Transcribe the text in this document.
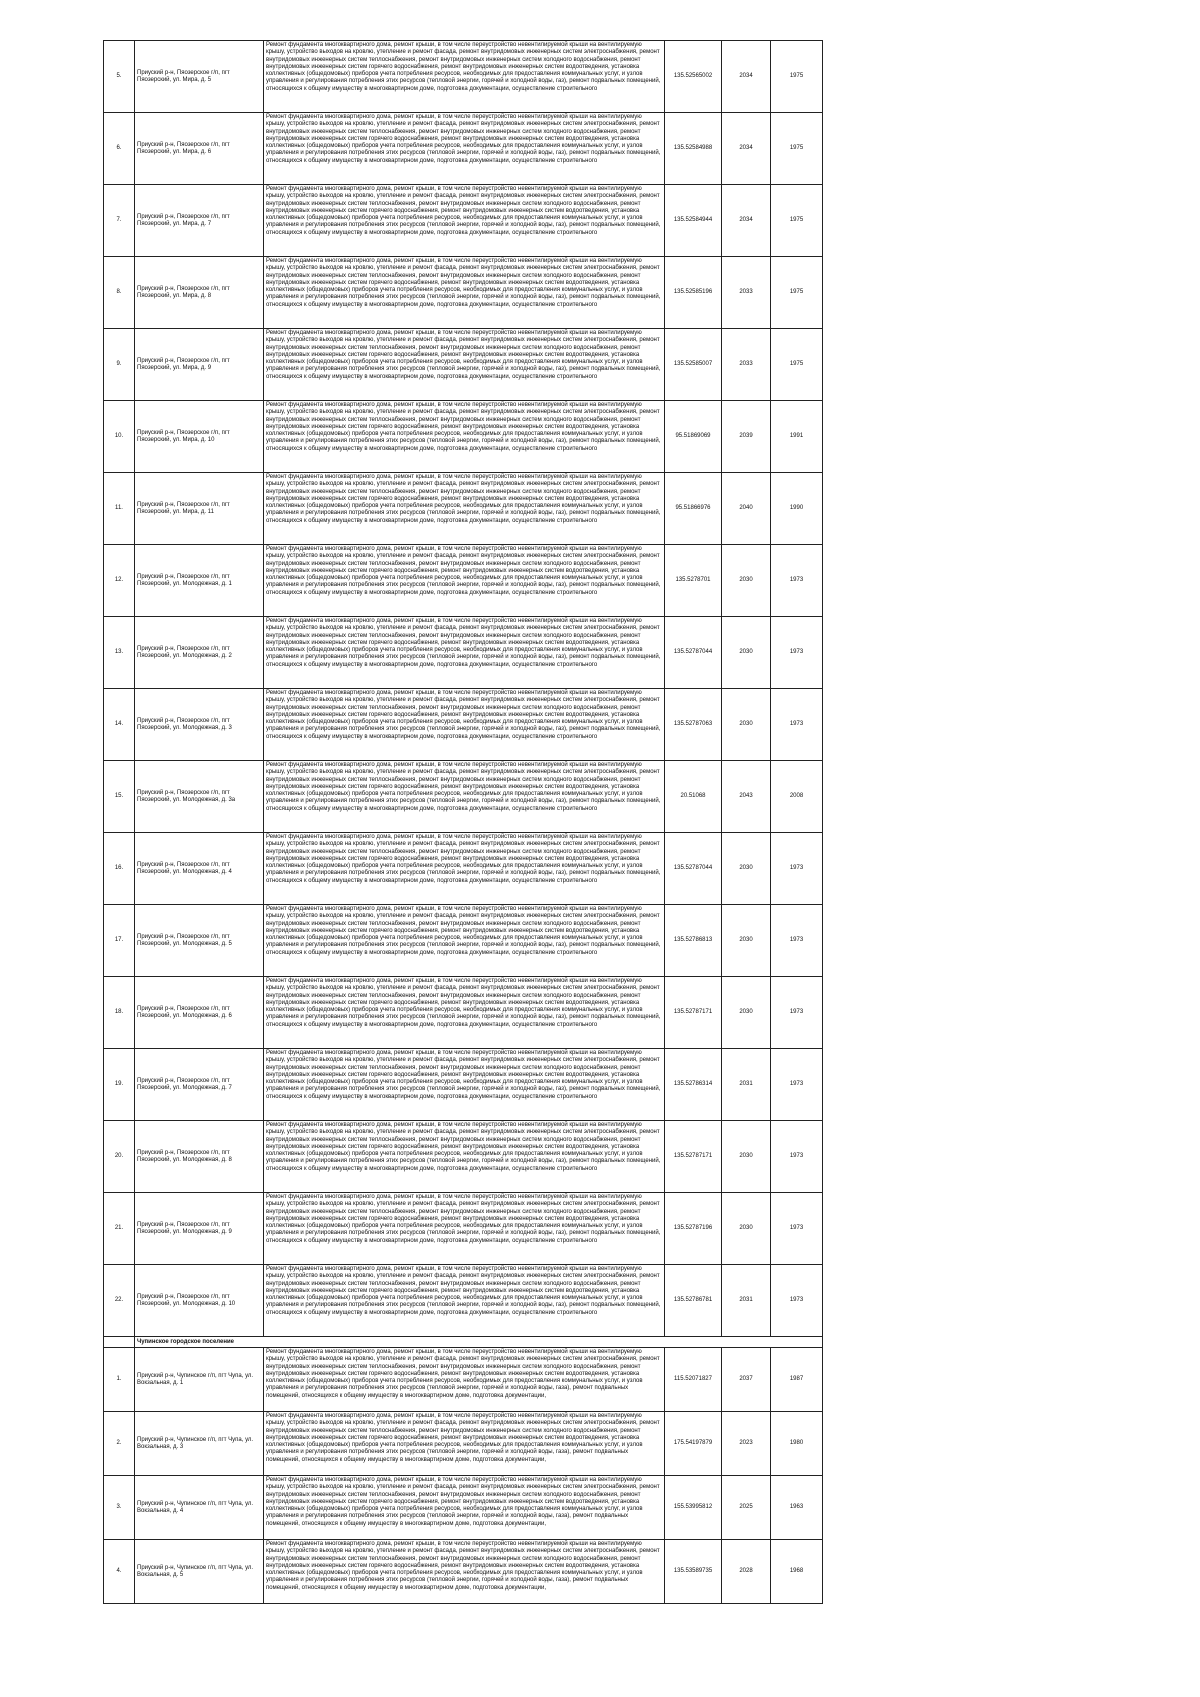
5.	Приуский р-н, Пяозерское г/п, пгт Пяозерский, ул. Мира, д. 5	Ремонт фундамента многоквартирного дома, ремонт крыши, в том числе переустройство невентилируемой крыши на вентилируемую крышу, устройство выходов на кровлю, утепление и ремонт фасада, ремонт внутридомовых инженерных систем электроснабжения, ремонт внутридомовых инженерных систем теплоснабжения, ремонт внутридомовых инженерных систем холодного водоснабжения, ремонт внутридомовых инженерных систем горячего водоснабжения, ремонт внутридомовых инженерных систем водоотведения, установка коллективных (общедомовых) приборов учета потребления ресурсов, необходимых для предоставления коммунальных услуг, и узлов управления и регулирования потребления этих ресурсов (тепловой энергии, горячей и холодной воды, газ), ремонт подвальных помещений, относящихся к общему имуществу в многоквартирном доме, подготовка документации, осуществление строительного	135.52565002	2034	1975
6.	Приуский р-н, Пяозерское г/п, пгт Пяозерский, ул. Мира, д. 6	Ремонт фундамента многоквартирного дома, ремонт крыши, в том числе переустройство невентилируемой крыши на вентилируемую крышу, устройство выходов на кровлю, утепление и ремонт фасада, ремонт внутридомовых инженерных систем электроснабжения, ремонт внутридомовых инженерных систем теплоснабжения, ремонт внутридомовых инженерных систем холодного водоснабжения, ремонт внутридомовых инженерных систем горячего водоснабжения, ремонт внутридомовых инженерных систем водоотведения, установка коллективных (общедомовых) приборов учета потребления ресурсов, необходимых для предоставления коммунальных услуг, и узлов управления и регулирования потребления этих ресурсов (тепловой энергии, горячей и холодной воды, газ), ремонт подвальных помещений, относящихся к общему имуществу в многоквартирном доме, подготовка документации, осуществление строительного	135.52584988	2034	1975
7.	Приуский р-н, Пяозерское г/п, пгт Пяозерский, ул. Мира, д. 7	Ремонт фундамента многоквартирного дома, ремонт крыши, в том числе переустройство невентилируемой крыши на вентилируемую крышу, устройство выходов на кровлю, утепление и ремонт фасада, ремонт внутридомовых инженерных систем электроснабжения, ремонт внутридомовых инженерных систем теплоснабжения, ремонт внутридомовых инженерных систем холодного водоснабжения, ремонт внутридомовых инженерных систем горячего водоснабжения, ремонт внутридомовых инженерных систем водоотведения, установка коллективных (общедомовых) приборов учета потребления ресурсов, необходимых для предоставления коммунальных услуг, и узлов управления и регулирования потребления этих ресурсов (тепловой энергии, горячей и холодной воды, газ), ремонт подвальных помещений, относящихся к общему имуществу в многоквартирном доме, подготовка документации, осуществление строительного	135.52584944	2034	1975
8.	Приуский р-н, Пяозерское г/п, пгт Пяозерский, ул. Мира, д. 8	Ремонт фундамента многоквартирного дома, ремонт крыши, в том числе переустройство невентилируемой крыши на вентилируемую крышу, устройство выходов на кровлю, утепление и ремонт фасада, ремонт внутридомовых инженерных систем электроснабжения, ремонт внутридомовых инженерных систем теплоснабжения, ремонт внутридомовых инженерных систем холодного водоснабжения, ремонт внутридомовых инженерных систем горячего водоснабжения, ремонт внутридомовых инженерных систем водоотведения, установка коллективных (общедомовых) приборов учета потребления ресурсов, необходимых для предоставления коммунальных услуг, и узлов управления и регулирования потребления этих ресурсов (тепловой энергии, горячей и холодной воды, газ), ремонт подвальных помещений, относящихся к общему имуществу в многоквартирном доме, подготовка документации, осуществление строительного	135.52585196	2033	1975
9.	Приуский р-н, Пяозерское г/п, пгт Пяозерский, ул. Мира, д. 9	Ремонт фундамента многоквартирного дома, ремонт крыши, в том числе переустройство невентилируемой крыши на вентилируемую крышу, устройство выходов на кровлю, утепление и ремонт фасада, ремонт внутридомовых инженерных систем электроснабжения, ремонт внутридомовых инженерных систем теплоснабжения, ремонт внутридомовых инженерных систем холодного водоснабжения, ремонт внутридомовых инженерных систем горячего водоснабжения, ремонт внутридомовых инженерных систем водоотведения, установка коллективных (общедомовых) приборов учета потребления ресурсов, необходимых для предоставления коммунальных услуг, и узлов управления и регулирования потребления этих ресурсов (тепловой энергии, горячей и холодной воды, газ), ремонт подвальных помещений, относящихся к общему имуществу в многоквартирном доме, подготовка документации, осуществление строительного	135.52585007	2033	1975
10.	Приуский р-н, Пяозерское г/п, пгт Пяозерский, ул. Мира, д. 10	Ремонт фундамента многоквартирного дома, ремонт крыши, в том числе переустройство невентилируемой крыши на вентилируемую крышу, устройство выходов на кровлю, утепление и ремонт фасада, ремонт внутридомовых инженерных систем электроснабжения, ремонт внутридомовых инженерных систем теплоснабжения, ремонт внутридомовых инженерных систем холодного водоснабжения, ремонт внутридомовых инженерных систем горячего водоснабжения, ремонт внутридомовых инженерных систем водоотведения, установка коллективных (общедомовых) приборов учета потребления ресурсов, необходимых для предоставления коммунальных услуг, и узлов управления и регулирования потребления этих ресурсов (тепловой энергии, горячей и холодной воды, газ), ремонт подвальных помещений, относящихся к общему имуществу в многоквартирном доме, подготовка документации, осуществление строительного	95.51869069	2039	1991
11.	Приуский р-н, Пяозерское г/п, пгт Пяозерский, ул. Мира, д. 11	Ремонт фундамента многоквартирного дома, ремонт крыши, в том числе переустройство невентилируемой крыши на вентилируемую крышу, устройство выходов на кровлю, утепление и ремонт фасада, ремонт внутридомовых инженерных систем электроснабжения, ремонт внутридомовых инженерных систем теплоснабжения, ремонт внутридомовых инженерных систем холодного водоснабжения, ремонт внутридомовых инженерных систем горячего водоснабжения, ремонт внутридомовых инженерных систем водоотведения, установка коллективных (общедомовых) приборов учета потребления ресурсов, необходимых для предоставления коммунальных услуг, и узлов управления и регулирования потребления этих ресурсов (тепловой энергии, горячей и холодной воды, газ), ремонт подвальных помещений, относящихся к общему имуществу в многоквартирном доме, подготовка документации, осуществление строительного	95.51866976	2040	1990
12.	Приуский р-н, Пяозерское г/п, пгт Пяозерский, ул. Молодежная, д. 1	Ремонт фундамента многоквартирного дома, ремонт крыши, в том числе переустройство невентилируемой крыши на вентилируемую крышу, устройство выходов на кровлю, утепление и ремонт фасада, ремонт внутридомовых инженерных систем электроснабжения, ремонт внутридомовых инженерных систем теплоснабжения, ремонт внутридомовых инженерных систем холодного водоснабжения, ремонт внутридомовых инженерных систем горячего водоснабжения, ремонт внутридомовых инженерных систем водоотведения, установка коллективных (общедомовых) приборов учета потребления ресурсов, необходимых для предоставления коммунальных услуг, и узлов управления и регулирования потребления этих ресурсов (тепловой энергии, горячей и холодной воды, газ), ремонт подвальных помещений, относящихся к общему имуществу в многоквартирном доме, подготовка документации, осуществление строительного	135.5278701	2030	1973
13.	Приуский р-н, Пяозерское г/п, пгт Пяозерский, ул. Молодежная, д. 2	Ремонт фундамента многоквартирного дома, ремонт крыши, в том числе переустройство невентилируемой крыши на вентилируемую крышу, устройство выходов на кровлю, утепление и ремонт фасада, ремонт внутридомовых инженерных систем электроснабжения, ремонт внутридомовых инженерных систем теплоснабжения, ремонт внутридомовых инженерных систем холодного водоснабжения, ремонт внутридомовых инженерных систем горячего водоснабжения, ремонт внутридомовых инженерных систем водоотведения, установка коллективных (общедомовых) приборов учета потребления ресурсов, необходимых для предоставления коммунальных услуг, и узлов управления и регулирования потребления этих ресурсов (тепловой энергии, горячей и холодной воды, газ), ремонт подвальных помещений, относящихся к общему имуществу в многоквартирном доме, подготовка документации, осуществление строительного	135.52787044	2030	1973
14.	Приуский р-н, Пяозерское г/п, пгт Пяозерский, ул. Молодежная, д. 3	Ремонт фундамента многоквартирного дома, ремонт крыши, в том числе переустройство невентилируемой крыши на вентилируемую крышу, устройство выходов на кровлю, утепление и ремонт фасада, ремонт внутридомовых инженерных систем электроснабжения, ремонт внутридомовых инженерных систем теплоснабжения, ремонт внутридомовых инженерных систем холодного водоснабжения, ремонт внутридомовых инженерных систем горячего водоснабжения, ремонт внутридомовых инженерных систем водоотведения, установка коллективных (общедомовых) приборов учета потребления ресурсов, необходимых для предоставления коммунальных услуг, и узлов управления и регулирования потребления этих ресурсов (тепловой энергии, горячей и холодной воды, газ), ремонт подвальных помещений, относящихся к общему имуществу в многоквартирном доме, подготовка документации, осуществление строительного	135.52787063	2030	1973
15.	Приуский р-н, Пяозерское г/п, пгт Пяозерский, ул. Молодежная, д. 3а	Ремонт фундамента многоквартирного дома, ремонт крыши, в том числе переустройство невентилируемой крыши на вентилируемую крышу, устройство выходов на кровлю, утепление и ремонт фасада, ремонт внутридомовых инженерных систем электроснабжения, ремонт внутридомовых инженерных систем теплоснабжения, ремонт внутридомовых инженерных систем холодного водоснабжения, ремонт внутридомовых инженерных систем горячего водоснабжения, ремонт внутридомовых инженерных систем водоотведения, установка коллективных (общедомовых) приборов учета потребления ресурсов, необходимых для предоставления коммунальных услуг, и узлов управления и регулирования потребления этих ресурсов (тепловой энергии, горячей и холодной воды, газ), ремонт подвальных помещений, относящихся к общему имуществу в многоквартирном доме, подготовка документации, осуществление строительного	20.51068	2043	2008
16.	Приуский р-н, Пяозерское г/п, пгт Пяозерский, ул. Молодежная, д. 4	Ремонт фундамента многоквартирного дома, ремонт крыши, в том числе переустройство невентилируемой крыши на вентилируемую крышу, устройство выходов на кровлю, утепление и ремонт фасада, ремонт внутридомовых инженерных систем электроснабжения, ремонт внутридомовых инженерных систем теплоснабжения, ремонт внутридомовых инженерных систем холодного водоснабжения, ремонт внутридомовых инженерных систем горячего водоснабжения, ремонт внутридомовых инженерных систем водоотведения, установка коллективных (общедомовых) приборов учета потребления ресурсов, необходимых для предоставления коммунальных услуг, и узлов управления и регулирования потребления этих ресурсов (тепловой энергии, горячей и холодной воды, газ), ремонт подвальных помещений, относящихся к общему имуществу в многоквартирном доме, подготовка документации, осуществление строительного	135.52787044	2030	1973
17.	Приуский р-н, Пяозерское г/п, пгт Пяозерский, ул. Молодежная, д. 5	Ремонт фундамента многоквартирного дома, ремонт крыши, в том числе переустройство невентилируемой крыши на вентилируемую крышу, устройство выходов на кровлю, утепление и ремонт фасада, ремонт внутридомовых инженерных систем электроснабжения, ремонт внутридомовых инженерных систем теплоснабжения, ремонт внутридомовых инженерных систем холодного водоснабжения, ремонт внутридомовых инженерных систем горячего водоснабжения, ремонт внутридомовых инженерных систем водоотведения, установка коллективных (общедомовых) приборов учета потребления ресурсов, необходимых для предоставления коммунальных услуг, и узлов управления и регулирования потребления этих ресурсов (тепловой энергии, горячей и холодной воды, газ), ремонт подвальных помещений, относящихся к общему имуществу в многоквартирном доме, подготовка документации, осуществление строительного	135.52786813	2030	1973
18.	Приуский р-н, Пяозерское г/п, пгт Пяозерский, ул. Молодежная, д. 6	Ремонт фундамента многоквартирного дома, ремонт крыши, в том числе переустройство невентилируемой крыши на вентилируемую крышу, устройство выходов на кровлю, утепление и ремонт фасада, ремонт внутридомовых инженерных систем электроснабжения, ремонт внутридомовых инженерных систем теплоснабжения, ремонт внутридомовых инженерных систем холодного водоснабжения, ремонт внутридомовых инженерных систем горячего водоснабжения, ремонт внутридомовых инженерных систем водоотведения, установка коллективных (общедомовых) приборов учета потребления ресурсов, необходимых для предоставления коммунальных услуг, и узлов управления и регулирования потребления этих ресурсов (тепловой энергии, горячей и холодной воды, газ), ремонт подвальных помещений, относящихся к общему имуществу в многоквартирном доме, подготовка документации, осуществление строительного	135.52787171	2030	1973
19.	Приуский р-н, Пяозерское г/п, пгт Пяозерский, ул. Молодежная, д. 7	Ремонт фундамента многоквартирного дома, ремонт крыши, в том числе переустройство невентилируемой крыши на вентилируемую крышу, устройство выходов на кровлю, утепление и ремонт фасада, ремонт внутридомовых инженерных систем электроснабжения, ремонт внутридомовых инженерных систем теплоснабжения, ремонт внутридомовых инженерных систем холодного водоснабжения, ремонт внутридомовых инженерных систем горячего водоснабжения, ремонт внутридомовых инженерных систем водоотведения, установка коллективных (общедомовых) приборов учета потребления ресурсов, необходимых для предоставления коммунальных услуг, и узлов управления и регулирования потребления этих ресурсов (тепловой энергии, горячей и холодной воды, газ), ремонт подвальных помещений, относящихся к общему имуществу в многоквартирном доме, подготовка документации, осуществление строительного	135.52786314	2031	1973
20.	Приуский р-н, Пяозерское г/п, пгт Пяозерский, ул. Молодежная, д. 8	Ремонт фундамента многоквартирного дома, ремонт крыши, в том числе переустройство невентилируемой крыши на вентилируемую крышу, устройство выходов на кровлю, утепление и ремонт фасада, ремонт внутридомовых инженерных систем электроснабжения, ремонт внутридомовых инженерных систем теплоснабжения, ремонт внутридомовых инженерных систем холодного водоснабжения, ремонт внутридомовых инженерных систем горячего водоснабжения, ремонт внутридомовых инженерных систем водоотведения, установка коллективных (общедомовых) приборов учета потребления ресурсов, необходимых для предоставления коммунальных услуг, и узлов управления и регулирования потребления этих ресурсов (тепловой энергии, горячей и холодной воды, газ), ремонт подвальных помещений, относящихся к общему имуществу в многоквартирном доме, подготовка документации, осуществление строительного	135.52787171	2030	1973
21.	Приуский р-н, Пяозерское г/п, пгт Пяозерский, ул. Молодежная, д. 9	Ремонт фундамента многоквартирного дома, ремонт крыши, в том числе переустройство невентилируемой крыши на вентилируемую крышу, устройство выходов на кровлю, утепление и ремонт фасада, ремонт внутридомовых инженерных систем электроснабжения, ремонт внутридомовых инженерных систем теплоснабжения, ремонт внутридомовых инженерных систем холодного водоснабжения, ремонт внутридомовых инженерных систем горячего водоснабжения, ремонт внутридомовых инженерных систем водоотведения, установка коллективных (общедомовых) приборов учета потребления ресурсов, необходимых для предоставления коммунальных услуг, и узлов управления и регулирования потребления этих ресурсов (тепловой энергии, горячей и холодной воды, газ), ремонт подвальных помещений, относящихся к общему имуществу в многоквартирном доме, подготовка документации, осуществление строительного	135.52787196	2030	1973
22.	Приуский р-н, Пяозерское г/п, пгт Пяозерский, ул. Молодежная, д. 10	Ремонт фундамента многоквартирного дома, ремонт крыши, в том числе переустройство невентилируемой крыши на вентилируемую крышу, устройство выходов на кровлю, утепление и ремонт фасада, ремонт внутридомовых инженерных систем электроснабжения, ремонт внутридомовых инженерных систем теплоснабжения, ремонт внутридомовых инженерных систем холодного водоснабжения, ремонт внутридомовых инженерных систем горячего водоснабжения, ремонт внутридомовых инженерных систем водоотведения, установка коллективных (общедомовых) приборов учета потребления ресурсов, необходимых для предоставления коммунальных услуг, и узлов управления и регулирования потребления этих ресурсов (тепловой энергии, горячей и холодной воды, газ), ремонт подвальных помещений, относящихся к общему имуществу в многоквартирном доме, подготовка документации, осуществление строительного	135.52786781	2031	1973
	Чупинское городское поселение				
1.	Приуский р-н, Чупинское г/п, пгт Чупа, ул. Вокзальная, д. 1	Ремонт фундамента многоквартирного дома, ремонт крыши, в том числе переустройство невентилируемой крыши на вентилируемую крышу, устройство выходов на кровлю, утепление и ремонт фасада, ремонт внутридомовых инженерных систем электроснабжения, ремонт внутридомовых инженерных систем теплоснабжения, ремонт внутридомовых инженерных систем холодного водоснабжения, ремонт внутридомовых инженерных систем горячего водоснабжения, ремонт внутридомовых инженерных систем водоотведения, установка коллективных (общедомовых) приборов учета потребления ресурсов, необходимых для предоставления коммунальных услуг, и узлов управления и регулирования потребления этих ресурсов (тепловой энергии, горячей и холодной воды, газа), ремонт подвальных помещений, относящихся к общему имуществу в многоквартирном доме, подготовка документации,	115.52071827	2037	1987
2.	Приуский р-н, Чупинское г/п, пгт Чупа, ул. Вокзальная, д. 3	Ремонт фундамента многоквартирного дома, ремонт крыши, в том числе переустройство невентилируемой крыши на вентилируемую крышу, устройство выходов на кровлю, утепление и ремонт фасада, ремонт внутридомовых инженерных систем электроснабжения, ремонт внутридомовых инженерных систем теплоснабжения, ремонт внутридомовых инженерных систем холодного водоснабжения, ремонт внутридомовых инженерных систем горячего водоснабжения, ремонт внутридомовых инженерных систем водоотведения, установка коллективных (общедомовых) приборов учета потребления ресурсов, необходимых для предоставления коммунальных услуг, и узлов управления и регулирования потребления этих ресурсов (тепловой энергии, горячей и холодной воды, газа), ремонт подвальных помещений, относящихся к общему имуществу в многоквартирном доме, подготовка документации,	175.54197879	2023	1980
3.	Приуский р-н, Чупинское г/п, пгт Чупа, ул. Вокзальная, д. 4	Ремонт фундамента многоквартирного дома, ремонт крыши, в том числе переустройство невентилируемой крыши на вентилируемую крышу, устройство выходов на кровлю, утепление и ремонт фасада, ремонт внутридомовых инженерных систем электроснабжения, ремонт внутридомовых инженерных систем теплоснабжения, ремонт внутридомовых инженерных систем холодного водоснабжения, ремонт внутридомовых инженерных систем горячего водоснабжения, ремонт внутридомовых инженерных систем водоотведения, установка коллективных (общедомовых) приборов учета потребления ресурсов, необходимых для предоставления коммунальных услуг, и узлов управления и регулирования потребления этих ресурсов (тепловой энергии, горячей и холодной воды, газа), ремонт подвальных помещений, относящихся к общему имуществу в многоквартирном доме, подготовка документации,	155.53995812	2025	1963
4.	Приуский р-н, Чупинское г/п, пгт Чупа, ул. Вокзальная, д. 5	Ремонт фундамента многоквартирного дома, ремонт крыши, в том числе переустройство невентилируемой крыши на вентилируемую крышу, устройство выходов на кровлю, утепление и ремонт фасада, ремонт внутридомовых инженерных систем электроснабжения, ремонт внутридомовых инженерных систем теплоснабжения, ремонт внутридомовых инженерных систем холодного водоснабжения, ремонт внутридомовых инженерных систем горячего водоснабжения, ремонт внутридомовых инженерных систем водоотведения, установка коллективных (общедомовых) приборов учета потребления ресурсов, необходимых для предоставления коммунальных услуг, и узлов управления и регулирования потребления этих ресурсов (тепловой энергии, горячей и холодной воды, газа), ремонт подвальных помещений, относящихся к общему имуществу в многоквартирном доме, подготовка документации,	135.53589735	2028	1968
